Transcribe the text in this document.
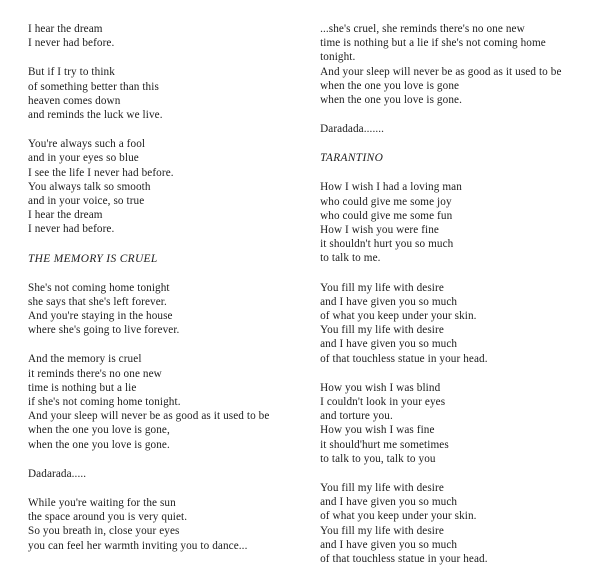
I hear the dream
I never had before.
But if I try to think
of something better than this
heaven comes down
and reminds the luck we live.
You're always such a fool
and in your eyes so blue
I see the life I never had before.
You always talk so smooth
and in your voice, so true
I hear the dream
I never had before.
THE MEMORY IS CRUEL
She's not coming home tonight
she says that she's left forever.
And you're staying in the house
where she's going to live forever.
And the memory is cruel
it reminds there's no one new
time is nothing but a lie
if she's not coming home tonight.
And your sleep will never be as good as it used to be
when the one you love is gone,
when the one you love is gone.
Dadarada.....
While you're waiting for the sun
the space around you is very quiet.
So you breath in, close your eyes
you can feel her warmth inviting you to dance...
...she's cruel, she reminds there's no one new
time is nothing but a lie if she's not coming home tonight.
And your sleep will never be as good as it used to be
when the one you love is gone
when the one you love is gone.
Daradada.......
TARANTINO
How I wish I had a loving man
who could give me some joy
who could give me some fun
How I wish you were fine
it shouldn't hurt you so much
to talk to me.
You fill my life with desire
and I have given you so much
of what you keep under your skin.
You fill my life with desire
and I have given you so much
of that touchless statue in your head.
How you wish I was blind
I couldn't look in your eyes
and torture you.
How you wish I was fine
it should'hurt me sometimes
to talk to you, talk to you
You fill my life with desire
and I have given you so much
of what you keep under your skin.
You fill my life with desire
and I have given you so much
of that touchless statue in your head.
